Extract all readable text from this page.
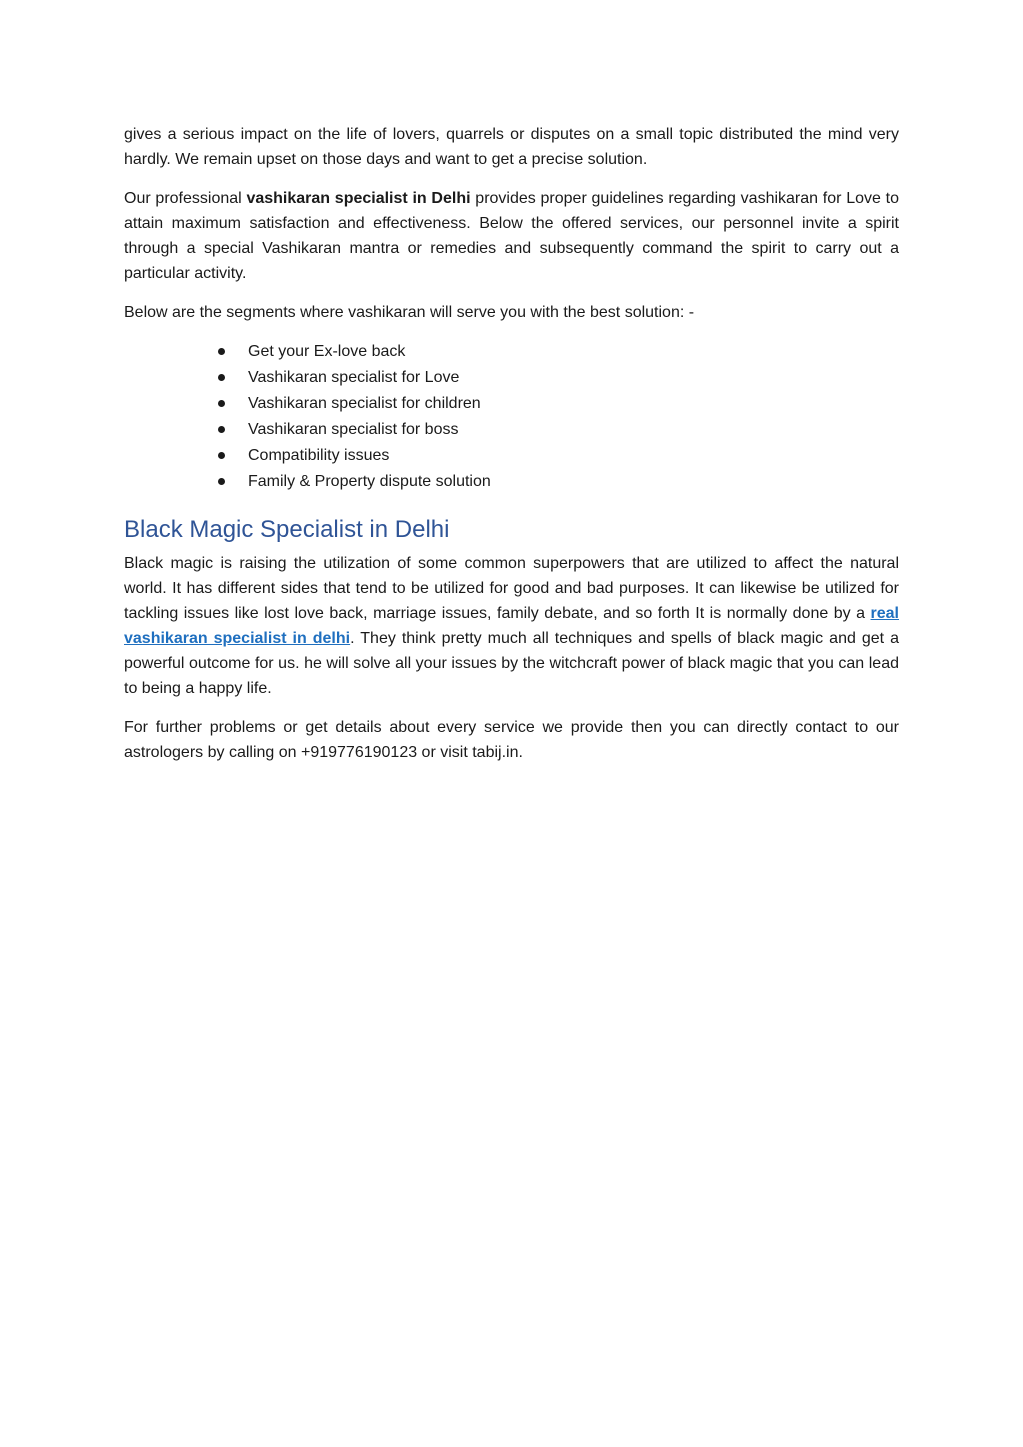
gives a serious impact on the life of lovers, quarrels or disputes on a small topic distributed the mind very hardly. We remain upset on those days and want to get a precise solution.

Our professional vashikaran specialist in Delhi provides proper guidelines regarding vashikaran for Love to attain maximum satisfaction and effectiveness. Below the offered services, our personnel invite a spirit through a special Vashikaran mantra or remedies and subsequently command the spirit to carry out a particular activity.

Below are the segments where vashikaran will serve you with the best solution: -

Get your Ex-love back
Vashikaran specialist for Love
Vashikaran specialist for children
Vashikaran specialist for boss
Compatibility issues
Family & Property dispute solution
Black Magic Specialist in Delhi

Black magic is raising the utilization of some common superpowers that are utilized to affect the natural world. It has different sides that tend to be utilized for good and bad purposes. It can likewise be utilized for tackling issues like lost love back, marriage issues, family debate, and so forth It is normally done by a real vashikaran specialist in delhi. They think pretty much all techniques and spells of black magic and get a powerful outcome for us. he will solve all your issues by the witchcraft power of black magic that you can lead to being a happy life.

For further problems or get details about every service we provide then you can directly contact to our astrologers by calling on +919776190123 or visit tabij.in.
